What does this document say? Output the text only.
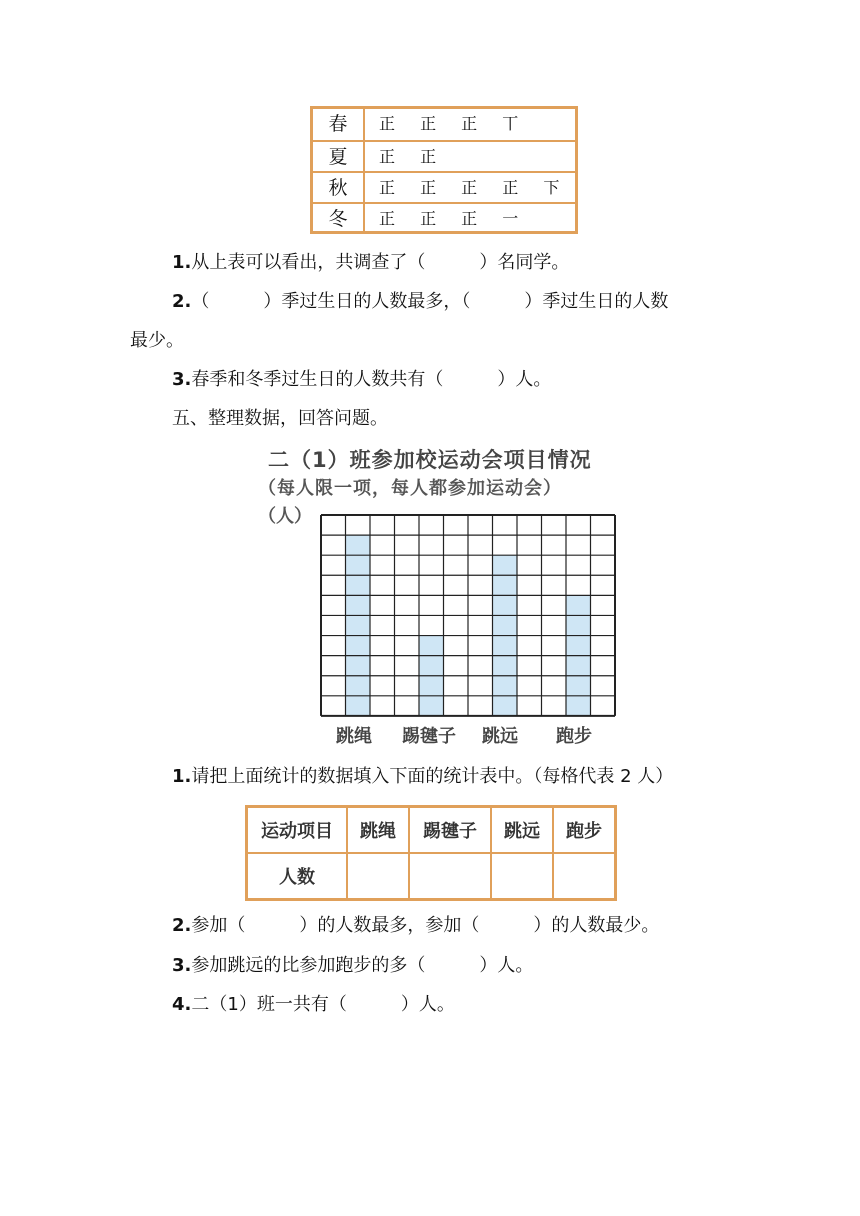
春	正 正 正 丅
夏	正 正
秋	正 正 正 正 下
冬	正 正 正 一
1.从上表可以看出，共调查了（　　　）名同学。
2.（　　　）季过生日的人数最多，（　　　）季过生日的人数
最少。
3.春季和冬季过生日的人数共有（　　　）人。
五、整理数据，回答问题。
二（1）班参加校运动会项目情况
（每人限一项，每人都参加运动会）
（人）
跳绳 踢毽子 跳远 跑步
1.请把上面统计的数据填入下面的统计表中。（每格代表 2 人）
运动项目	跳绳	踢毽子	跳远	跑步
人数				
2.参加（　　　）的人数最多，参加（　　　）的人数最少。
3.参加跳远的比参加跑步的多（　　　）人。
4.二（1）班一共有（　　　）人。
